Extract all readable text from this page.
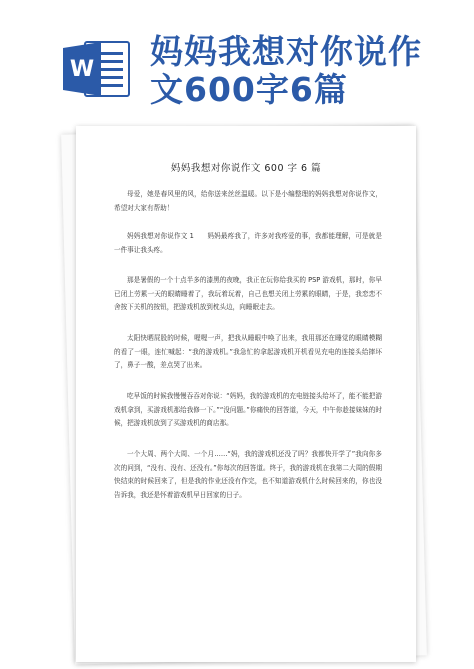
W 妈妈我想对你说作
文600字6篇
妈妈我想对你说作文 600 字 6 篇

母爱，她是春风里的风，给你送来丝丝温暖。以下是小编整理的妈妈我想对你说作文，希望对大家有帮助！

妈妈我想对你说作文 1　　妈妈最疼我了，许多对我疼爱的事，我都能理解，可是就是一件事让我头疼。

那是暑假的一个十点半多的漆黑的夜晚，我正在玩你给我买的 PSP 游戏机，那时，你早已闭上劳累一天的眼睛睡着了，我玩着玩着，自己也想关闭上劳累的眼睛，于是，我恋恋不舍按下关机的按钮，把游戏机放到枕头边，向睡眠走去。

太阳快晒屁股的时候，喔喔一声，把我从睡眼中唤了出来，我用那还在睡觉的眼睛模糊的看了一眼，连忙喊起：“我的游戏机。”我急忙的拿起游戏机开机看见充电的连接头给摔坏了，鼻子一酸，差点哭了出来。

吃早饭的时候我慢慢吞吞对你说：“妈妈，我的游戏机的充电链接头给坏了，能不能把游戏机拿到，买游戏机那给我修一下。”“没问题。”你痛快的回答道，今天，中午你趁接妹妹的时候，把游戏机放到了买游戏机的商店那。

一个大周、两个大周、一个月……“妈，我的游戏机还没了吗？我都快开学了”我向你多次的问到，“没有、没有、还没有。”你每次的回答道。终于，我的游戏机在我第二大周的假期快结束的时候回来了，但是我的作业还没有作完，也不知道游戏机什么时候回来的，你也没告诉我，我还是怀着游戏机早日回家的日子。
